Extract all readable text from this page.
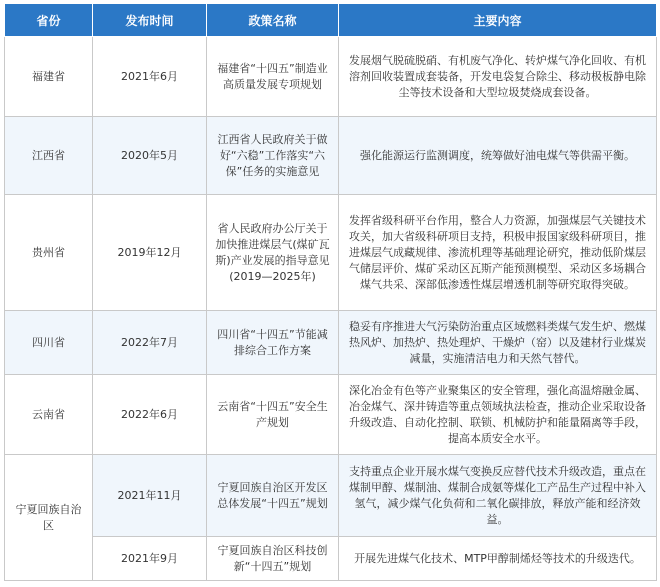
省份	发布时间	政策名称	主要内容
福建省	2021年6月	福建省“十四五”制造业高质量发展专项规划	发展烟气脱硫脱硝、有机废气净化、转炉煤气净化回收、有机溶剂回收装置成套装备，开发电袋复合除尘、移动极板静电除尘等技术设备和大型垃圾焚烧成套设备。
江西省	2020年5月	江西省人民政府关于做好“六稳”工作落实“六保”任务的实施意见	强化能源运行监测调度，统筹做好油电煤气等供需平衡。
贵州省	2019年12月	省人民政府办公厅关于加快推进煤层气(煤矿瓦斯)产业发展的指导意见(2019—2025年)	发挥省级科研平台作用，整合人力资源，加强煤层气关键技术攻关，加大省级科研项目支持，积极申报国家级科研项目，推进煤层气成藏规律、渗流机理等基础理论研究，推动低阶煤层气储层评价、煤矿采动区瓦斯产能预测模型、采动区多场耦合煤气共采、深部低渗透性煤层增透机制等研究取得突破。
四川省	2022年7月	四川省“十四五”节能减排综合工作方案	稳妥有序推进大气污染防治重点区域燃料类煤气发生炉、燃煤热风炉、加热炉、热处理炉、干燥炉（窑）以及建材行业煤炭减量，实施清洁电力和天然气替代。
云南省	2022年6月	云南省“十四五”安全生产规划	深化冶金有色等产业聚集区的安全管理，强化高温熔融金属、冶金煤气、深井铸造等重点领域执法检查，推动企业采取设备升级改造、自动化控制、联锁、机械防护和能量隔离等手段，提高本质安全水平。
宁夏回族自治区	2021年11月	宁夏回族自治区开发区总体发展“十四五”规划	支持重点企业开展水煤气变换反应替代技术升级改造，重点在煤制甲醇、煤制油、煤制合成氨等煤化工产品生产过程中补入氢气，减少煤气化负荷和二氧化碳排放，释放产能和经济效益。
	2021年9月	宁夏回族自治区科技创新“十四五”规划	开展先进煤气化技术、MTP甲醇制烯烃等技术的升级迭代。
